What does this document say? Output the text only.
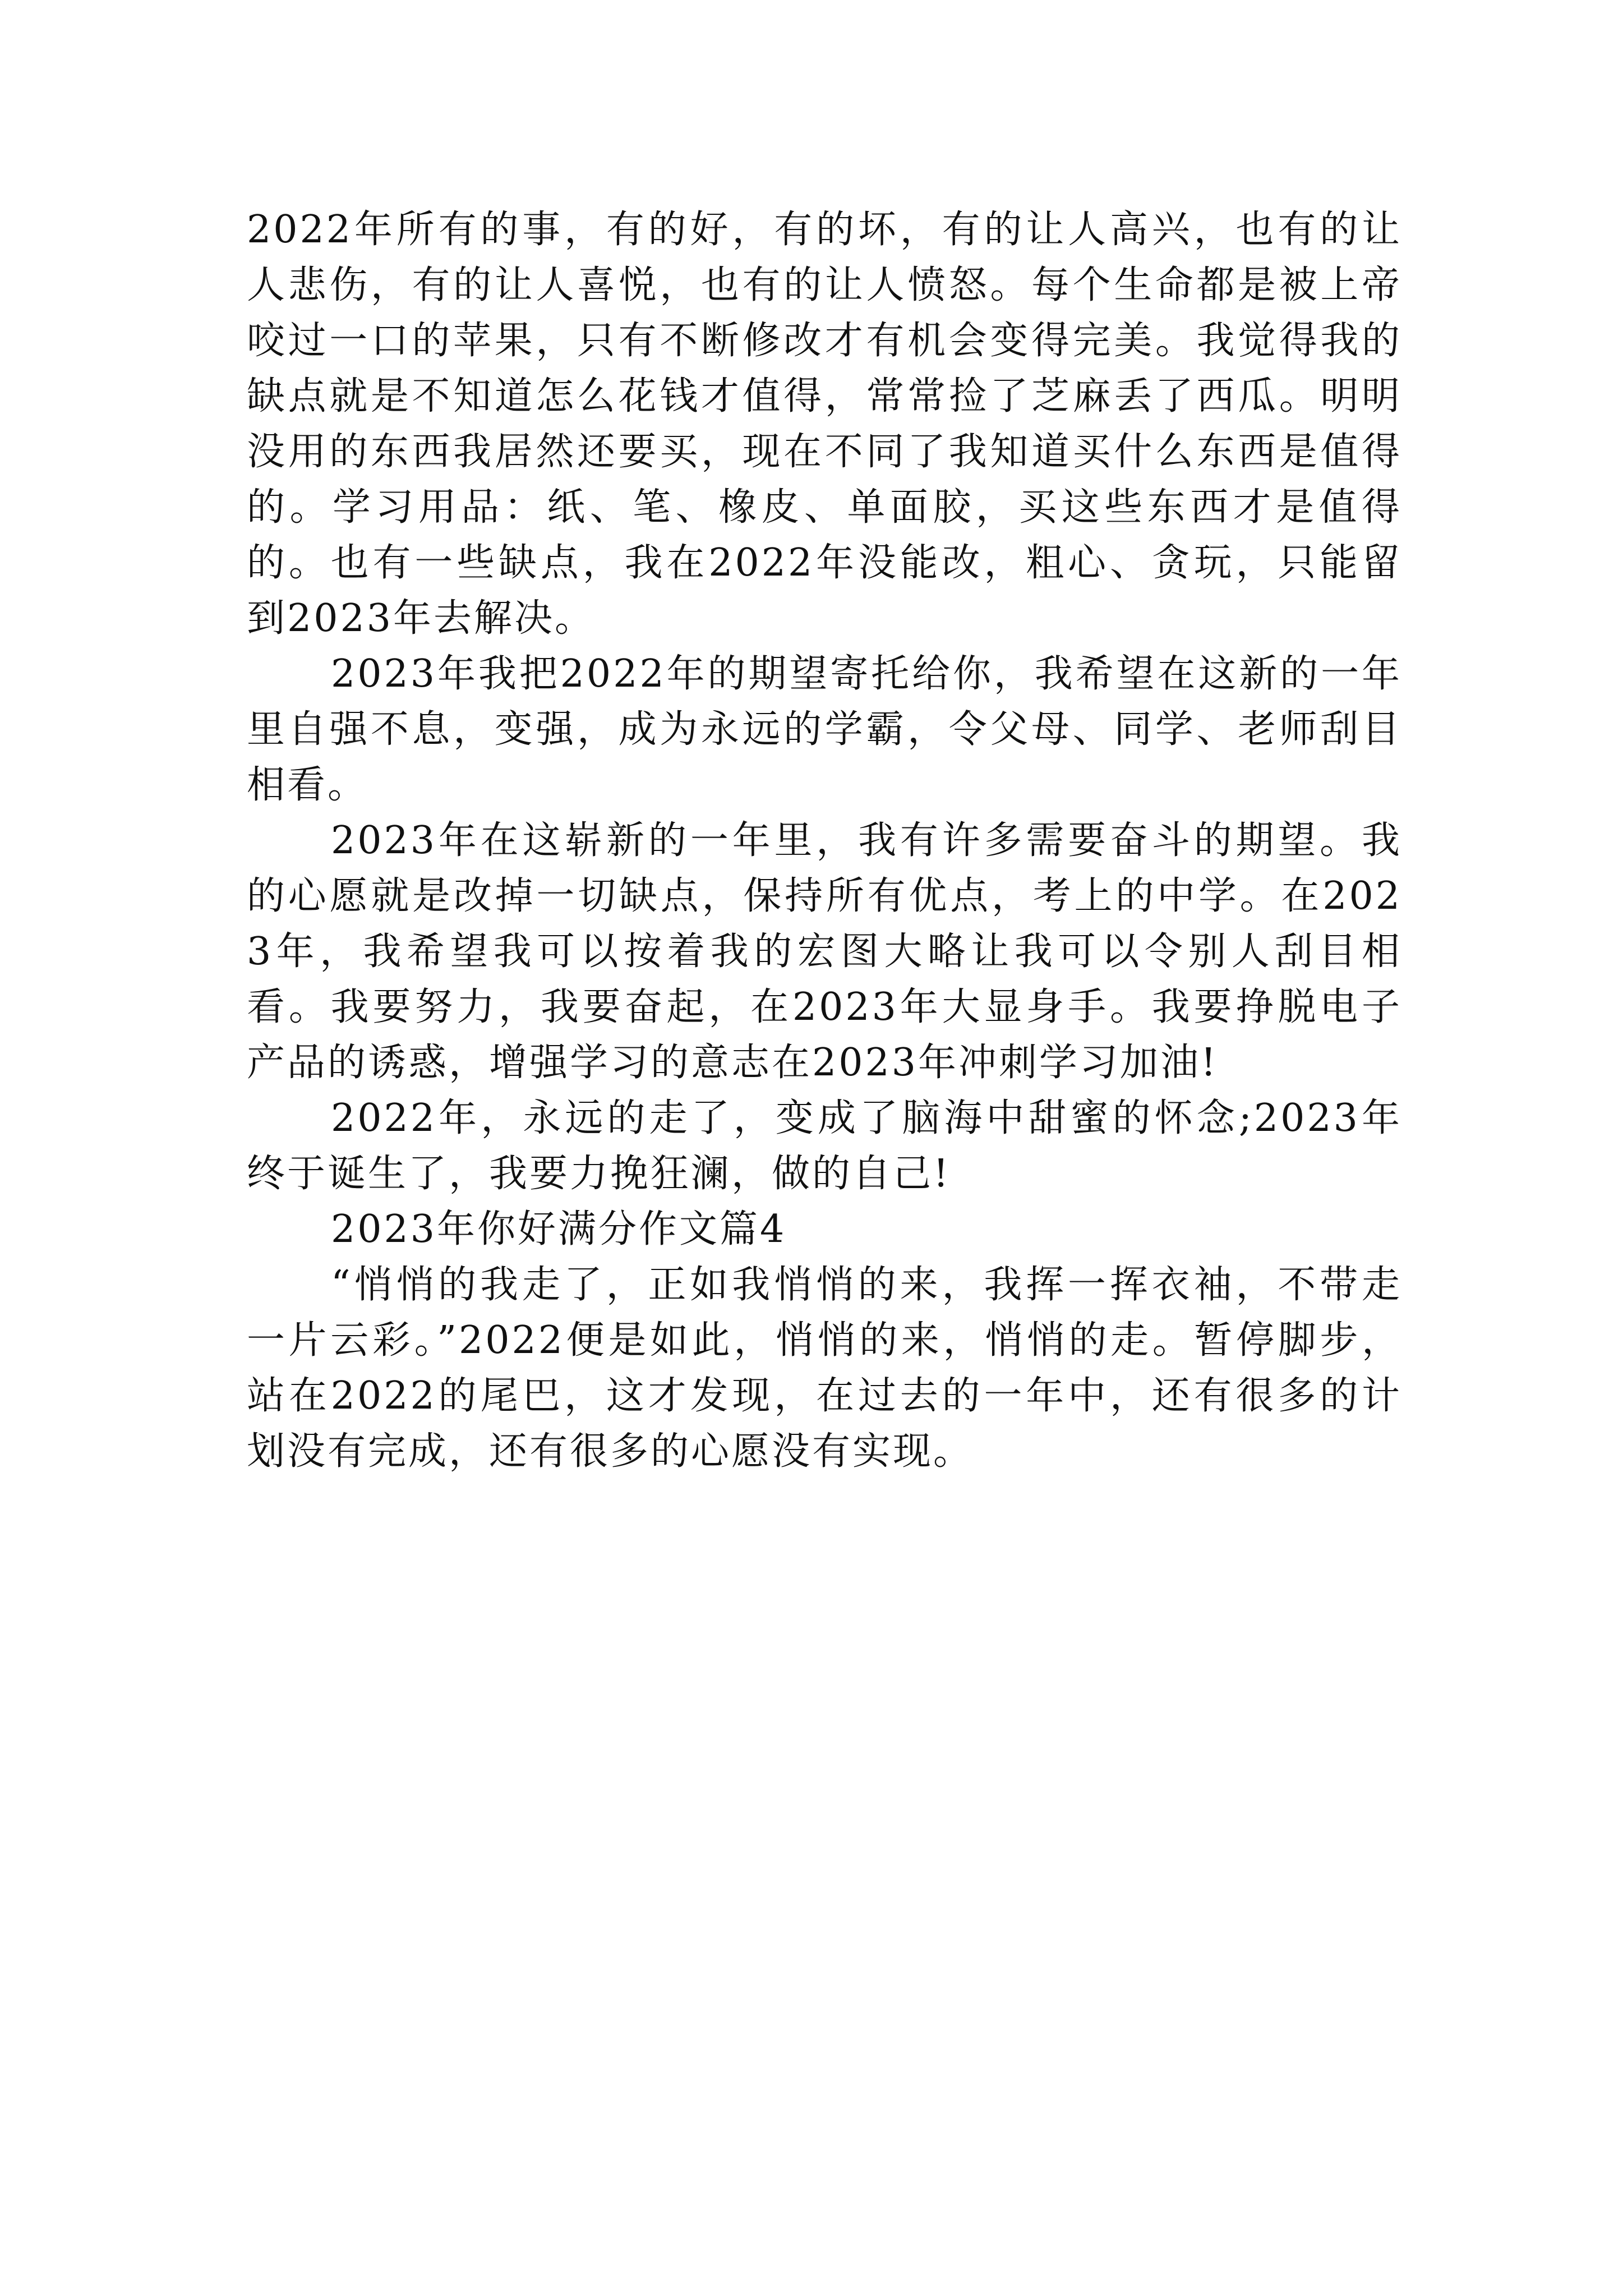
2022年所有的事，有的好，有的坏，有的让人高兴，也有的让人悲伤，有的让人喜悦，也有的让人愤怒。每个生命都是被上帝咬过一口的苹果，只有不断修改才有机会变得完美。我觉得我的缺点就是不知道怎么花钱才值得，常常捡了芝麻丢了西瓜。明明没用的东西我居然还要买，现在不同了我知道买什么东西是值得的。学习用品：纸、笔、橡皮、单面胶，买这些东西才是值得的。也有一些缺点，我在2022年没能改，粗心、贪玩，只能留到2023年去解决。

2023年我把2022年的期望寄托给你，我希望在这新的一年里自强不息，变强，成为永远的学霸，令父母、同学、老师刮目相看。

2023年在这崭新的一年里，我有许多需要奋斗的期望。我的心愿就是改掉一切缺点，保持所有优点，考上的中学。在2023年，我希望我可以按着我的宏图大略让我可以令别人刮目相看。我要努力，我要奋起，在2023年大显身手。我要挣脱电子产品的诱惑，增强学习的意志在2023年冲刺学习加油!

2022年，永远的走了，变成了脑海中甜蜜的怀念;2023年终于诞生了，我要力挽狂澜，做的自己!

2023年你好满分作文篇4

“悄悄的我走了，正如我悄悄的来，我挥一挥衣袖，不带走一片云彩。”2022便是如此，悄悄的来，悄悄的走。暂停脚步，站在2022的尾巴，这才发现，在过去的一年中，还有很多的计划没有完成，还有很多的心愿没有实现。
